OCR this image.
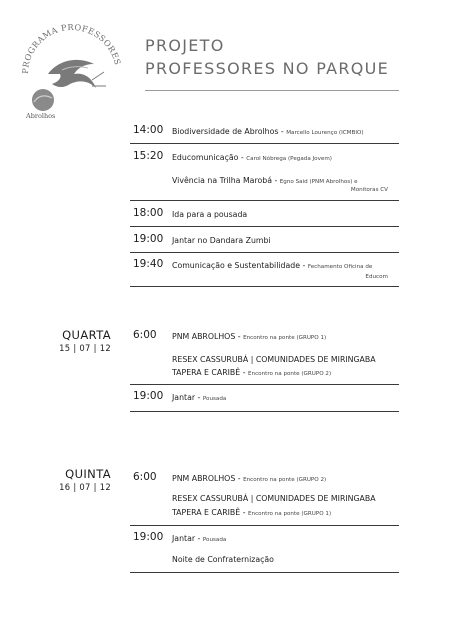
PROGRAMA PROFESSORES
Abrolhos
PROJETO
PROFESSORES NO PARQUE
14:00 Biodiversidade de Abrolhos - Marcello Lourenço (ICMBIO)
15:20 Educomunicação - Carol Nóbrega (Pegada Jovem)
Vivência na Trilha Marobá - Egno Said (PNM Abrolhos) e
Monitoras CV
18:00 Ida para a pousada
19:00 Jantar no Dandara Zumbi
19:40 Comunicação e Sustentabilidade - Fechamento Oficina de
Educom
QUARTA
15 | 07 | 12
6:00 PNM ABROLHOS - Encontro na ponte (GRUPO 1)
RESEX CASSURUBÁ | COMUNIDADES DE MIRINGABA
TAPERA E CARIBÊ - Encontro na ponte (GRUPO 2)
19:00 Jantar - Pousada
QUINTA
16 | 07 | 12
6:00 PNM ABROLHOS - Encontro na ponte (GRUPO 2)
RESEX CASSURUBÁ | COMUNIDADES DE MIRINGABA
TAPERA E CARIBÊ - Encontro na ponte (GRUPO 1)
19:00 Jantar - Pousada
Noite de Confraternização
